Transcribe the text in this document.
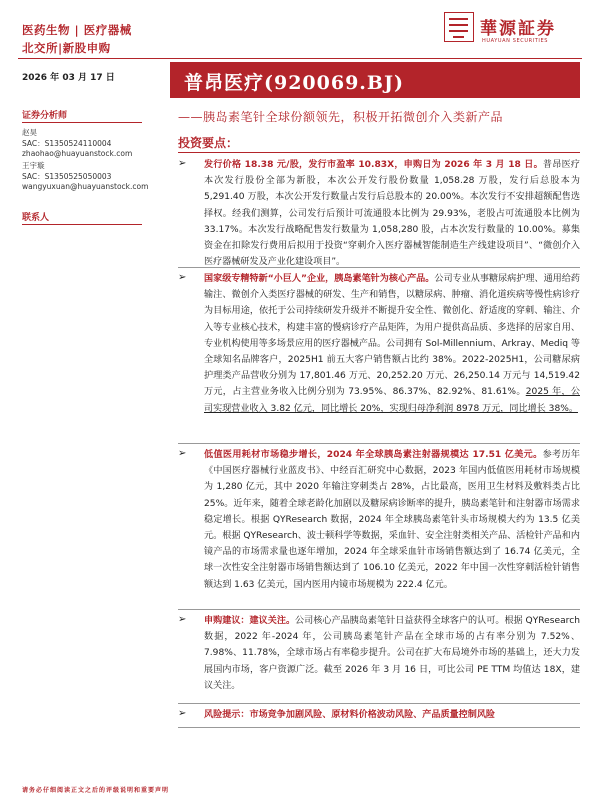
医药生物 | 医疗器械
北交所|新股申购
華源証券
HUAYUAN SECURITIES
2026 年 03 月 17 日	普昂医疗(920069.BJ)
——胰岛素笔针全球份额领先，积极开拓微创介入类新产品
投资要点：
证券分析师
赵昊
SAC：S1350524110004
zhaohao@huayuanstock.com
王宇璇
SAC：S1350525050003
wangyuxuan@huayuanstock.com
联系人
➢ 发行价格 18.38 元/股，发行市盈率 10.83X，申购日为 2026 年 3 月 18 日。普昂医疗本次发行股份全部为新股，本次公开发行股份数量 1,058.28 万股，发行后总股本为 5,291.40 万股，本次公开发行数量占发行后总股本的 20.00%。本次发行不安排超额配售选择权。经我们测算，公司发行后预计可流通股本比例为 29.93%，老股占可流通股本比例为 33.17%。本次发行战略配售发行数量为 1,058,280 股，占本次发行数量的 10.00%。募集资金在扣除发行费用后拟用于投资“穿刺介入医疗器械智能制造生产线建设项目”、“微创介入医疗器械研发及产业化建设项目”。
➢ 国家级专精特新“小巨人”企业，胰岛素笔针为核心产品。公司专业从事糖尿病护理、通用给药输注、微创介入类医疗器械的研发、生产和销售，以糖尿病、肿瘤、消化道疾病等慢性病诊疗为目标用途，依托于公司持续研发升级并不断提升安全性、微创化、舒适度的穿刺、输注、介入等专业核心技术，构建丰富的慢病诊疗产品矩阵，为用户提供高品质、多选择的居家自用、专业机构使用等多场景应用的医疗器械产品。公司拥有 Sol-Millennium、Arkray、Mediq 等全球知名品牌客户，2025H1 前五大客户销售额占比约 38%。2022-2025H1，公司糖尿病护理类产品营收分别为 17,801.46 万元、20,252.20 万元、26,250.14 万元与 14,519.42 万元，占主营业务收入比例分别为 73.95%、86.37%、82.92%、81.61%。2025 年，公司实现营业收入 3.82 亿元，同比增长 20%，实现归母净利润 8978 万元，同比增长 38%。
➢ 低值医用耗材市场稳步增长，2024 年全球胰岛素注射器规模达 17.51 亿美元。参考历年《中国医疗器械行业蓝皮书》、中经百汇研究中心数据，2023 年国内低值医用耗材市场规模为 1,280 亿元，其中 2020 年输注穿刺类占 28%，占比最高，医用卫生材料及敷料类占比 25%。近年来，随着全球老龄化加剧以及糖尿病诊断率的提升，胰岛素笔针和注射器市场需求稳定增长。根据 QYResearch 数据，2024 年全球胰岛素笔针头市场规模大约为 13.5 亿美元。根据 QYResearch、波士顿科学等数据，采血针、安全注射类相关产品、活检针产品和内镜产品的市场需求量也逐年增加，2024 年全球采血针市场销售额达到了 16.74 亿美元，全球一次性安全注射器市场销售额达到了 106.10 亿美元，2022 年中国一次性穿刺活检针销售额达到 1.63 亿美元，国内医用内镜市场规模为 222.4 亿元。
➢ 申购建议：建议关注。公司核心产品胰岛素笔针日益获得全球客户的认可。根据 QYResearch 数据，2022 年-2024 年，公司胰岛素笔针产品在全球市场的占有率分别为 7.52%、7.98%、11.78%，全球市场占有率稳步提升。公司在扩大布局境外市场的基础上，还大力发展国内市场，客户资源广泛。截至 2026 年 3 月 16 日，可比公司 PE TTM 均值达 18X，建议关注。
➢ 风险提示：市场竞争加剧风险、原材料价格波动风险、产品质量控制风险
请务必仔细阅读正文之后的评级说明和重要声明
